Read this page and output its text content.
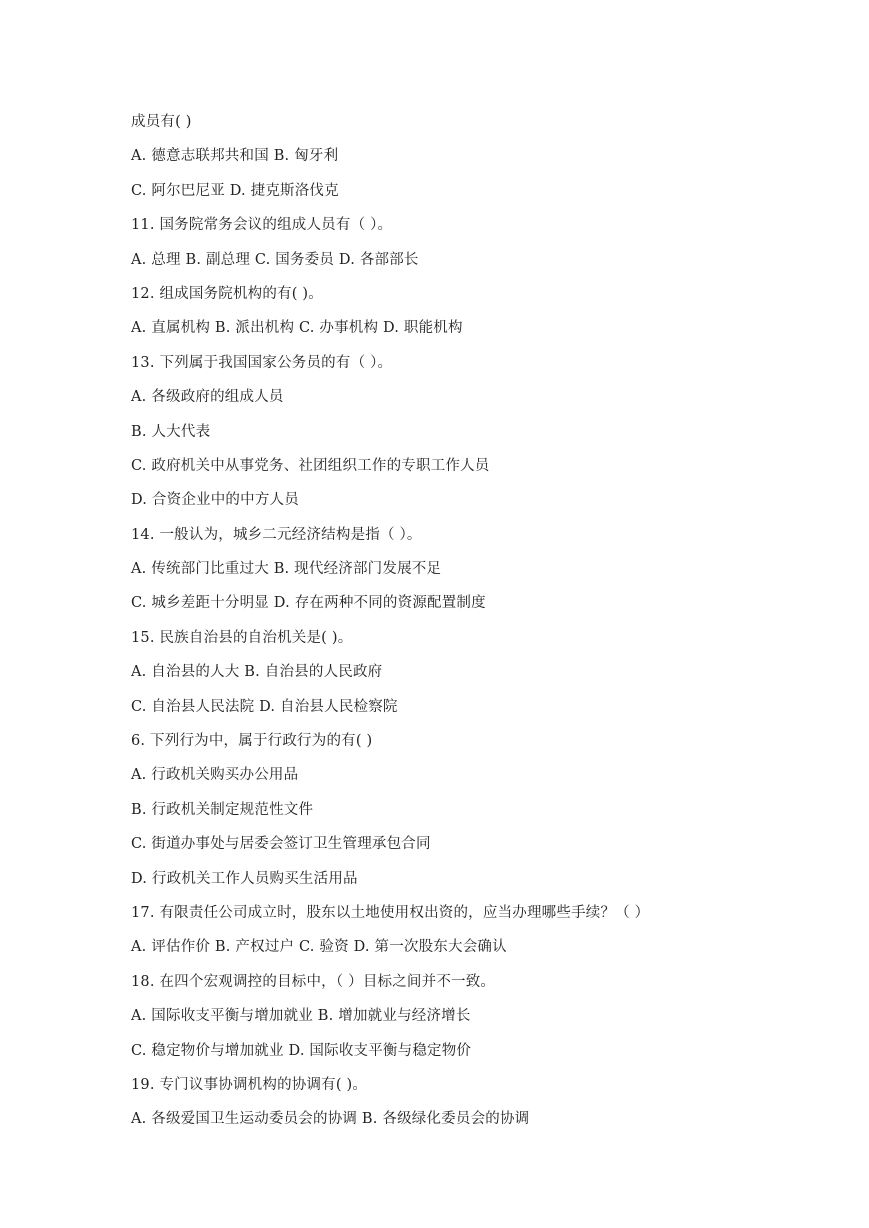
成员有( )
A. 德意志联邦共和国 B. 匈牙利
C. 阿尔巴尼亚 D. 捷克斯洛伐克
11. 国务院常务会议的组成人员有（ ）。
A. 总理 B. 副总理 C. 国务委员 D. 各部部长
12. 组成国务院机构的有( )。
A. 直属机构 B. 派出机构 C. 办事机构 D. 职能机构
13. 下列属于我国国家公务员的有（ ）。
A. 各级政府的组成人员
B. 人大代表
C. 政府机关中从事党务、社团组织工作的专职工作人员
D. 合资企业中的中方人员
14. 一般认为，城乡二元经济结构是指（ ）。
A. 传统部门比重过大 B. 现代经济部门发展不足
C. 城乡差距十分明显 D. 存在两种不同的资源配置制度
15. 民族自治县的自治机关是( )。
A. 自治县的人大 B. 自治县的人民政府
C. 自治县人民法院 D. 自治县人民检察院
6. 下列行为中，属于行政行为的有( )
A. 行政机关购买办公用品
B. 行政机关制定规范性文件
C. 街道办事处与居委会签订卫生管理承包合同
D. 行政机关工作人员购买生活用品
17. 有限责任公司成立时，股东以土地使用权出资的，应当办理哪些手续？（ ）
A. 评估作价 B. 产权过户 C. 验资 D. 第一次股东大会确认
18. 在四个宏观调控的目标中，（ ）目标之间并不一致。
A. 国际收支平衡与增加就业 B. 增加就业与经济增长
C. 稳定物价与增加就业 D. 国际收支平衡与稳定物价
19. 专门议事协调机构的协调有( )。
A. 各级爱国卫生运动委员会的协调 B. 各级绿化委员会的协调
